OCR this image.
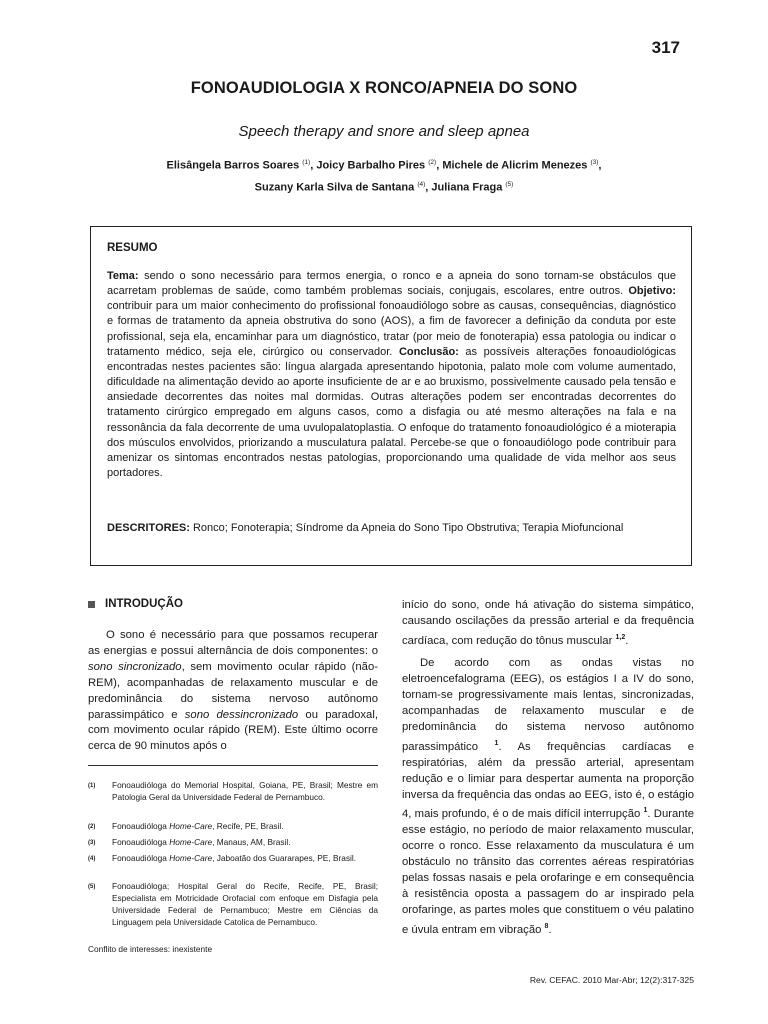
317
FONOAUDIOLOGIA X RONCO/APNEIA DO SONO
Speech therapy and snore and sleep apnea
Elisângela Barros Soares $^{(1)}$, Joicy Barbalho Pires $^{(2)}$, Michele de Alicrim Menezes $^{(3)}$,
Suzany Karla Silva de Santana $^{(4)}$, Juliana Fraga $^{(5)}$
RESUMO
Tema: sendo o sono necessário para termos energia, o ronco e a apneia do sono tornam-se obstáculos que acarretam problemas de saúde, como também problemas sociais, conjugais, escolares, entre outros. Objetivo: contribuir para um maior conhecimento do profissional fonoaudiólogo sobre as causas, consequências, diagnóstico e formas de tratamento da apneia obstrutiva do sono (AOS), a fim de favorecer a definição da conduta por este profissional, seja ela, encaminhar para um diagnóstico, tratar (por meio de fonoterapia) essa patologia ou indicar o tratamento médico, seja ele, cirúrgico ou conservador. Conclusão: as possíveis alterações fonoaudiológicas encontradas nestes pacientes são: língua alargada apresentando hipotonia, palato mole com volume aumentado, dificuldade na alimentação devido ao aporte insuficiente de ar e ao bruxismo, possivelmente causado pela tensão e ansiedade decorrentes das noites mal dormidas. Outras alterações podem ser encontradas decorrentes do tratamento cirúrgico empregado em alguns casos, como a disfagia ou até mesmo alterações na fala e na ressonância da fala decorrente de uma uvulopalatoplastia. O enfoque do tratamento fonoaudiológico é a mioterapia dos músculos envolvidos, priorizando a musculatura palatal. Percebe-se que o fonoaudiólogo pode contribuir para amenizar os sintomas encontrados nestas patologias, proporcionando uma qualidade de vida melhor aos seus portadores.
DESCRITORES: Ronco; Fonoterapia; Síndrome da Apneia do Sono Tipo Obstrutiva; Terapia Miofuncional
INTRODUÇÃO

O sono é necessário para que possamos recuperar as energias e possui alternância de dois componentes: o sono sincronizado, sem movimento ocular rápido (não-REM), acompanhadas de relaxamento muscular e de predominância do sistema nervoso autônomo parassimpático e sono dessincronizado ou paradoxal, com movimento ocular rápido (REM). Este último ocorre cerca de 90 minutos após o

início do sono, onde há ativação do sistema simpático, causando oscilações da pressão arterial e da frequência cardíaca, com redução do tônus muscular $^{1,2}$.

De acordo com as ondas vistas no eletroencefalograma (EEG), os estágios I a IV do sono, tornam-se progressivamente mais lentas, sincronizadas, acompanhadas de relaxamento muscular e de predominância do sistema nervoso autônomo parassimpático $^1$. As frequências cardíacas e respiratórias, além da pressão arterial, apresentam redução e o limiar para despertar aumenta na proporção inversa da frequência das ondas ao EEG, isto é, o estágio 4, mais profundo, é o de mais difícil interrupção $^1$. Durante esse estágio, no período de maior relaxamento muscular, ocorre o ronco. Esse relaxamento da musculatura é um obstáculo no trânsito das correntes aéreas respiratórias pelas fossas nasais e pela orofaringe e em consequência à resistência oposta a passagem do ar inspirado pela orofaringe, as partes moles que constituem o véu palatino e úvula entram em vibração $^8$.

(1)	Fonoaudióloga do Memorial Hospital, Goiana, PE, Brasil; Mestre em Patologia Geral da Universidade Federal de Pernambuco.
(2)	Fonoaudióloga Home-Care, Recife, PE, Brasil.
(3)	Fonoaudióloga Home-Care, Manaus, AM, Brasil.
(4)	Fonoaudióloga Home-Care, Jaboatão dos Guararapes, PE, Brasil.
(5)	Fonoaudióloga; Hospital Geral do Recife, Recife, PE, Brasil; Especialista em Motricidade Orofacial com enfoque em Disfagia pela Universidade Federal de Pernambuco; Mestre em Ciências da Linguagem pela Universidade Catolica de Pernambuco.
Conflito de interesses: inexistente
Rev. CEFAC. 2010 Mar-Abr; 12(2):317-325
